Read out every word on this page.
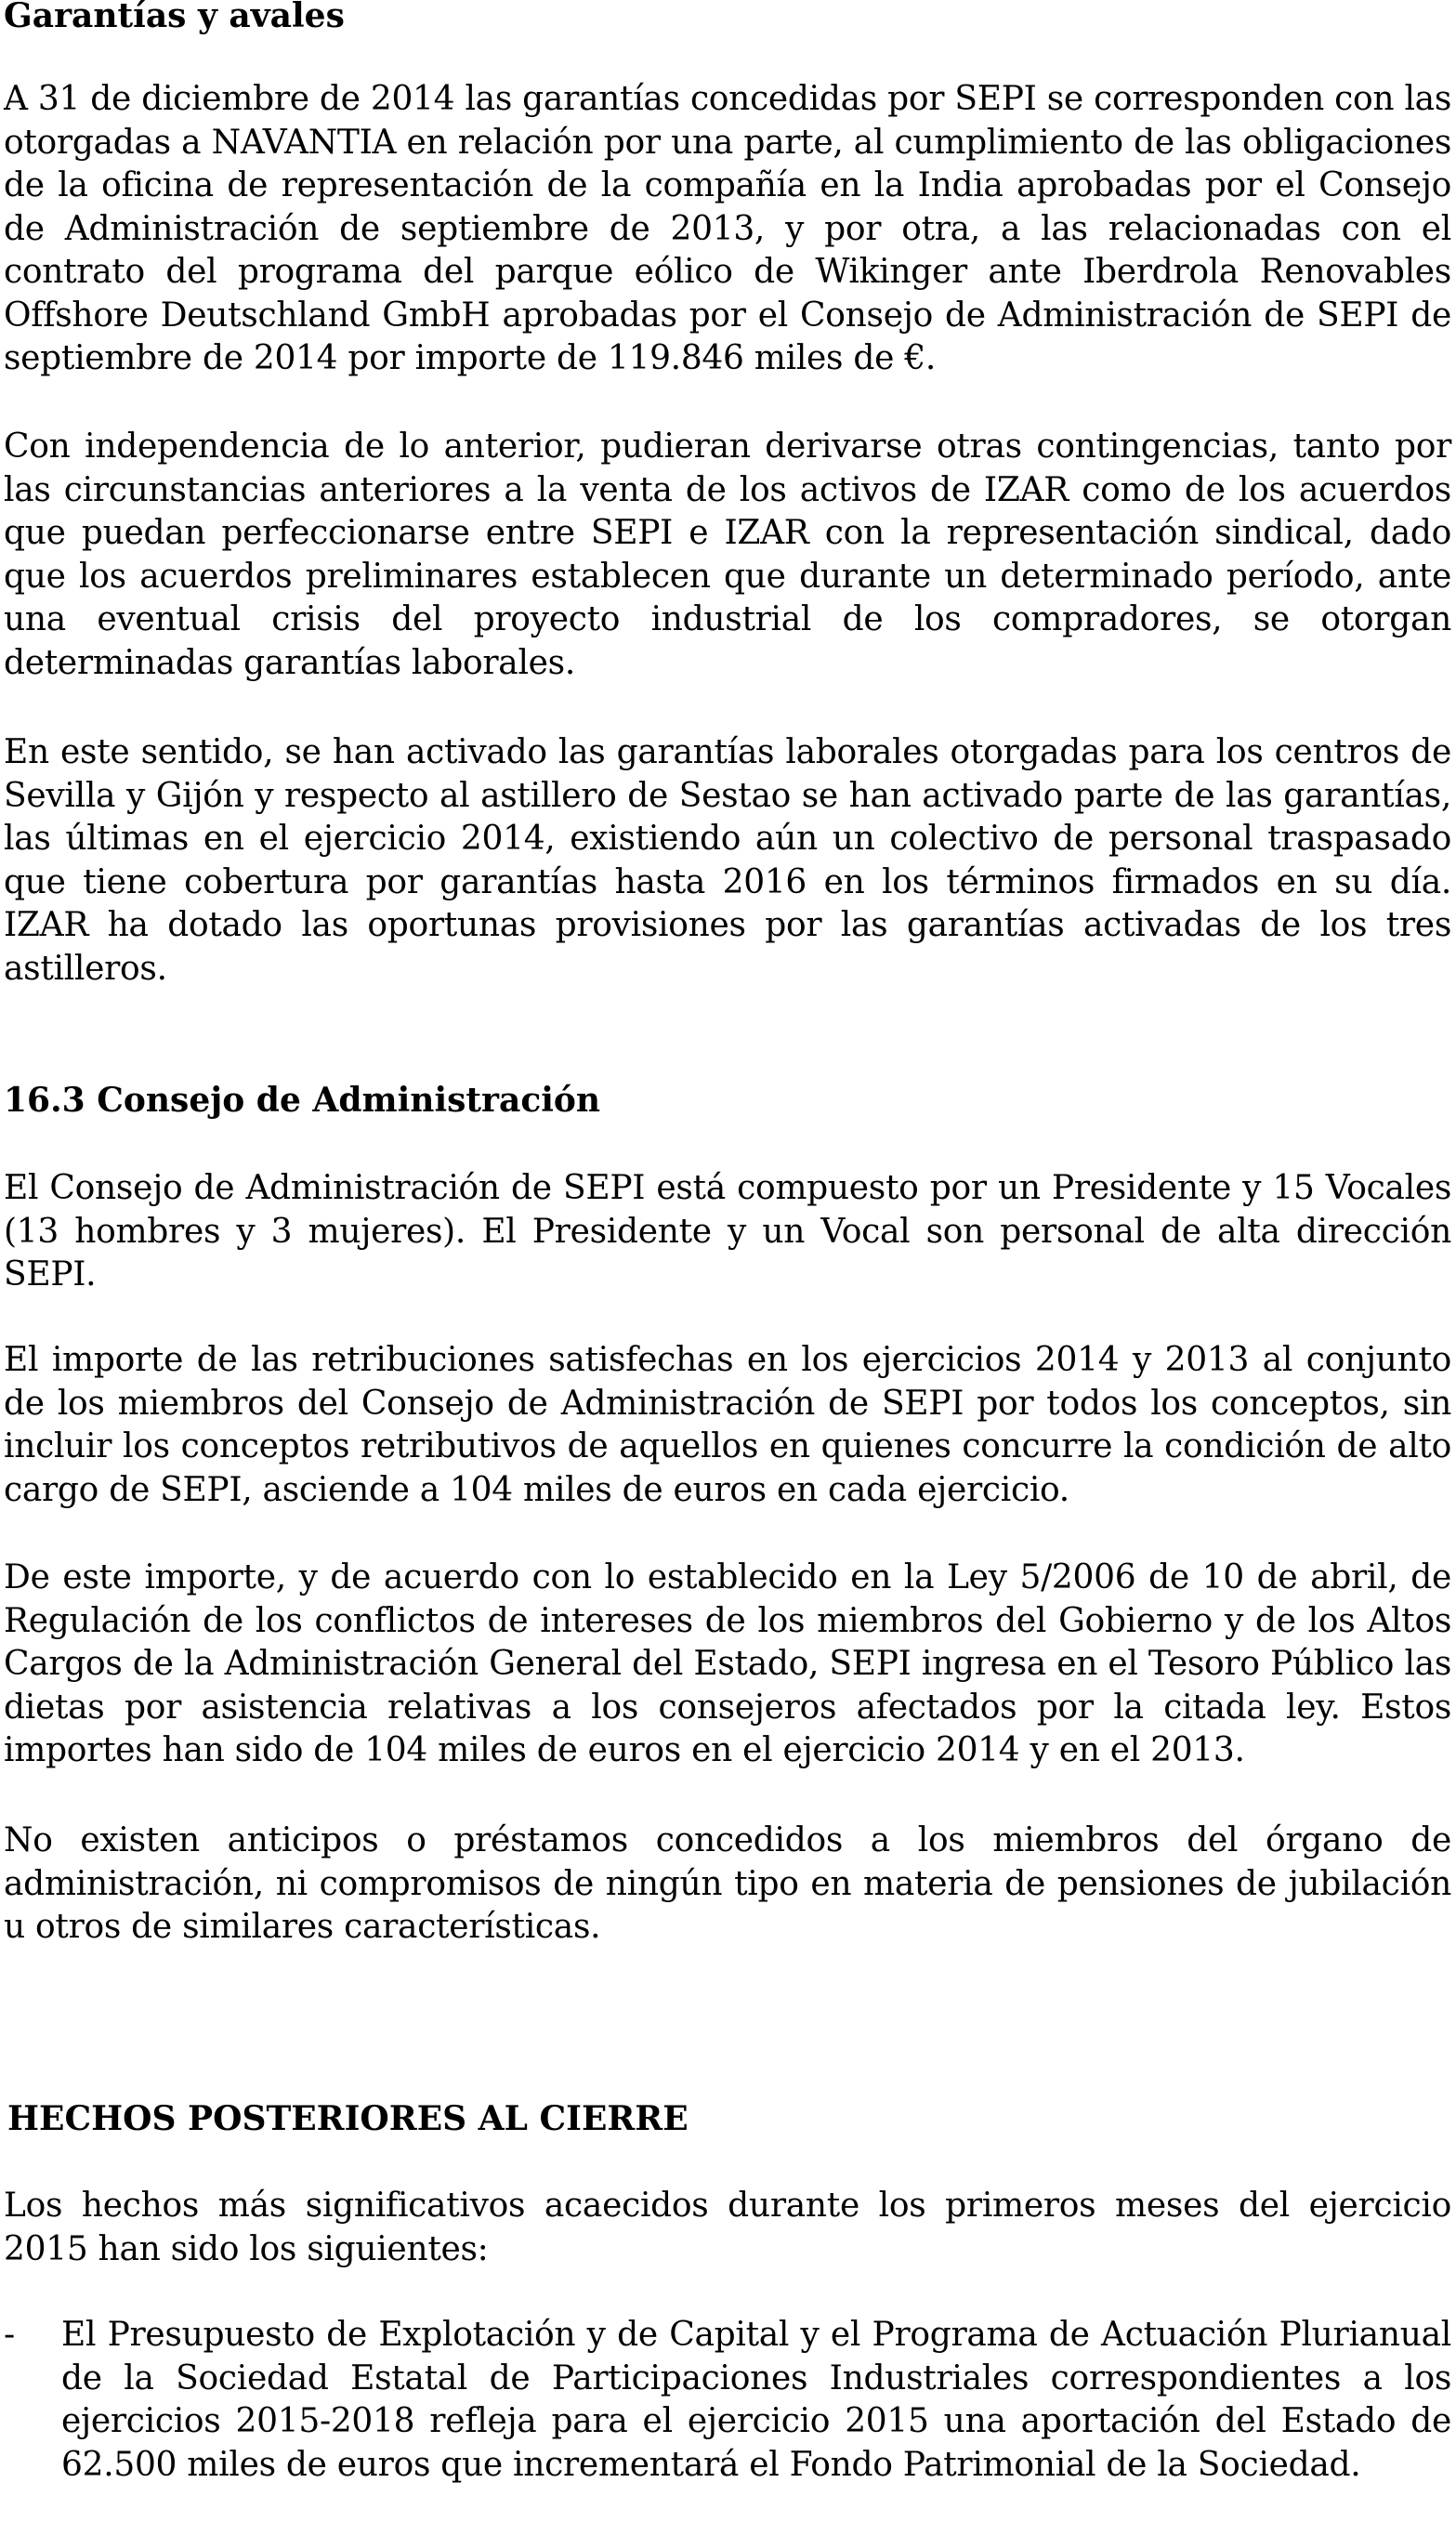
Garantías y avales

A 31 de diciembre de 2014 las garantías concedidas por SEPI se corresponden con las otorgadas a NAVANTIA en relación por una parte, al cumplimiento de las obligaciones de la oficina de representación de la compañía en la India aprobadas por el Consejo de Administración de septiembre de 2013, y por otra, a las relacionadas con el contrato del programa del parque eólico de Wikinger ante Iberdrola Renovables Offshore Deutschland GmbH aprobadas por el Consejo de Administración de SEPI de septiembre de 2014 por importe de 119.846 miles de €.

Con independencia de lo anterior, pudieran derivarse otras contingencias, tanto por las circunstancias anteriores a la venta de los activos de IZAR como de los acuerdos que puedan perfeccionarse entre SEPI e IZAR con la representación sindical, dado que los acuerdos preliminares establecen que durante un determinado período, ante una eventual crisis del proyecto industrial de los compradores, se otorgan determinadas garantías laborales.

En este sentido, se han activado las garantías laborales otorgadas para los centros de Sevilla y Gijón y respecto al astillero de Sestao se han activado parte de las garantías, las últimas en el ejercicio 2014, existiendo aún un colectivo de personal traspasado que tiene cobertura por garantías hasta 2016 en los términos firmados en su día. IZAR ha dotado las oportunas provisiones por las garantías activadas de los tres astilleros.

16.3 Consejo de Administración

El Consejo de Administración de SEPI está compuesto por un Presidente y 15 Vocales (13 hombres y 3 mujeres). El Presidente y un Vocal son personal de alta dirección SEPI.

El importe de las retribuciones satisfechas en los ejercicios 2014 y 2013 al conjunto de los miembros del Consejo de Administración de SEPI por todos los conceptos, sin incluir los conceptos retributivos de aquellos en quienes concurre la condición de alto cargo de SEPI, asciende a 104 miles de euros en cada ejercicio.

De este importe, y de acuerdo con lo establecido en la Ley 5/2006 de 10 de abril, de Regulación de los conflictos de intereses de los miembros del Gobierno y de los Altos Cargos de la Administración General del Estado, SEPI ingresa en el Tesoro Público las dietas por asistencia relativas a los consejeros afectados por la citada ley. Estos importes han sido de 104 miles de euros en el ejercicio 2014 y en el 2013.

No existen anticipos o préstamos concedidos a los miembros del órgano de administración, ni compromisos de ningún tipo en materia de pensiones de jubilación u otros de similares características.

HECHOS POSTERIORES AL CIERRE

Los hechos más significativos acaecidos durante los primeros meses del ejercicio 2015 han sido los siguientes:

-	El Presupuesto de Explotación y de Capital y el Programa de Actuación Plurianual de la Sociedad Estatal de Participaciones Industriales correspondientes a los ejercicios 2015-2018 refleja para el ejercicio 2015 una aportación del Estado de 62.500 miles de euros que incrementará el Fondo Patrimonial de la Sociedad.
